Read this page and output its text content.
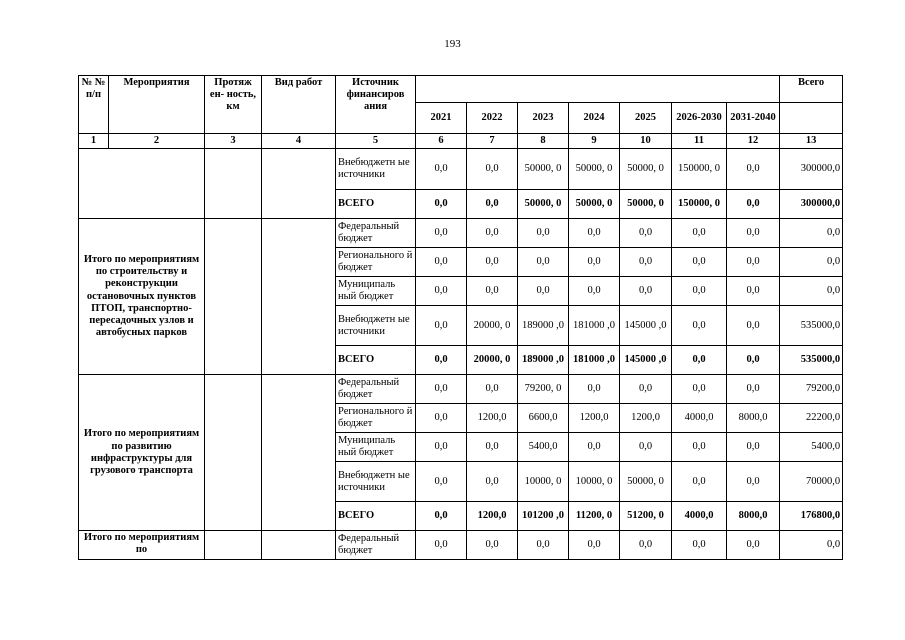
193
№ № п/п	Мероприятия	Протяж ен- ность, км	Вид работ	Источник финансиров ания								Всего
					2021	2022	2023	2024	2025	2026-2030	2031-2040	
1	2	3	4	5	6	7	8	9	10	11	12	13
				Внебюджетн ые источники	0,0	0,0	50000, 0	50000, 0	50000, 0	150000, 0	0,0	300000,0
				ВСЕГО	0,0	0,0	50000, 0	50000, 0	50000, 0	150000, 0	0,0	300000,0
Итого по мероприятиям по строительству и реконструкции остановочных пунктов ПТОП, транспортно-пересадочных узлов и автобусных парков				Федеральный бюджет	0,0	0,0	0,0	0,0	0,0	0,0	0,0	0,0
				Регионального й бюджет	0,0	0,0	0,0	0,0	0,0	0,0	0,0	0,0
				Муниципаль ный бюджет	0,0	0,0	0,0	0,0	0,0	0,0	0,0	0,0
				Внебюджетн ые источники	0,0	20000, 0	189000 ,0	181000 ,0	145000 ,0	0,0	0,0	535000,0
				ВСЕГО	0,0	20000, 0	189000 ,0	181000 ,0	145000 ,0	0,0	0,0	535000,0
Итого по мероприятиям по развитию инфраструктуры для грузового транспорта				Федеральный бюджет	0,0	0,0	79200, 0	0,0	0,0	0,0	0,0	79200,0
				Регионального й бюджет	0,0	1200,0	6600,0	1200,0	1200,0	4000,0	8000,0	22200,0
				Муниципаль ный бюджет	0,0	0,0	5400,0	0,0	0,0	0,0	0,0	5400,0
				Внебюджетн ые источники	0,0	0,0	10000, 0	10000, 0	50000, 0	0,0	0,0	70000,0
				ВСЕГО	0,0	1200,0	101200 ,0	11200, 0	51200, 0	4000,0	8000,0	176800,0
Итого по мероприятиям по				Федеральный бюджет	0,0	0,0	0,0	0,0	0,0	0,0	0,0	0,0
